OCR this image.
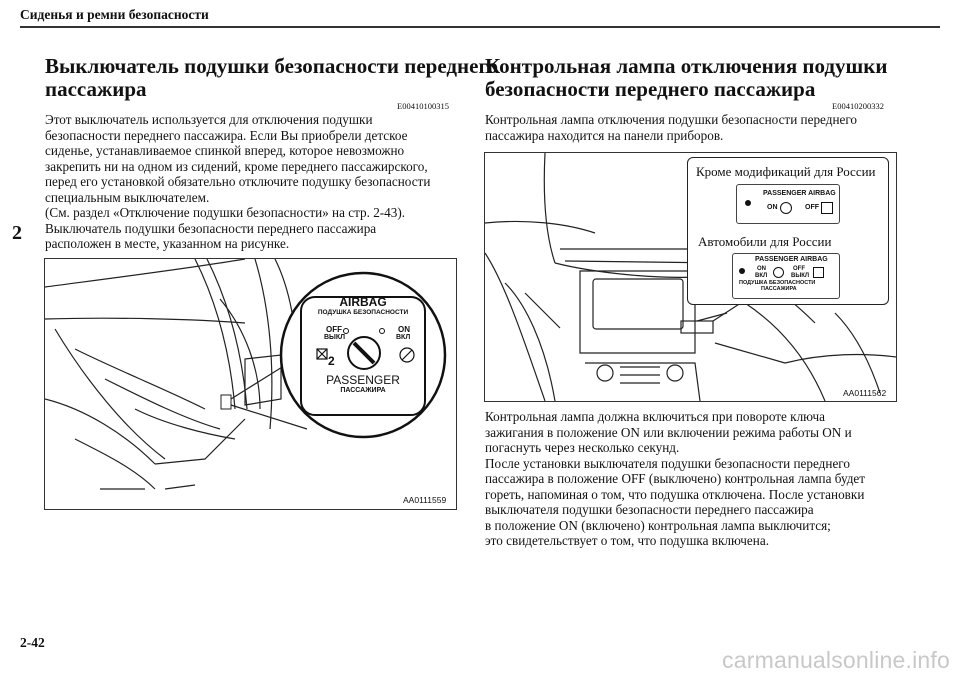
Сиденья и ремни безопасности
2
Выключатель подушки безопасности переднего
пассажира
E00410100315
Этот выключатель используется для отключения подушки
безопасности переднего пассажира. Если Вы приобрели детское
сиденье, устанавливаемое спинкой вперед, которое невозможно
закрепить ни на одном из сидений, кроме переднего пассажирского,
перед его установкой обязательно отключите подушку безопасности
специальным выключателем.
(См. раздел «Отключение подушки безопасности» на стр. 2-43).
Выключатель подушки безопасности переднего пассажира
расположен в месте, указанном на рисунке.
2
AIRBAG
ПОДУШКА БЕЗОПАСНОСТИ
OFF
ВЫКЛ
ON
ВКЛ
PASSENGER
ПАССАЖИРА
AA0111559
Контрольная лампа отключения подушки
безопасности переднего пассажира
E00410200332
Контрольная лампа отключения подушки безопасности переднего
пассажира находится на панели приборов.
Кроме модификаций для России
PASSENGER AIRBAG
ON	OFF
Автомобили для России
PASSENGER AIRBAG
ON
ВКЛ
OFF
ВЫКЛ
ПОДУШКА БЕЗОПАСНОСТИ
ПАССАЖИРА
AA0111562
Контрольная лампа должна включиться при повороте ключа
зажигания в положение ON или включении режима работы ON и
погаснуть через несколько секунд.
После установки выключателя подушки безопасности переднего
пассажира в положение OFF (выключено) контрольная лампа будет
гореть, напоминая о том, что подушка отключена. После установки
выключателя подушки безопасности переднего пассажира
в положение ON (включено) контрольная лампа выключится;
это свидетельствует о том, что подушка включена.
2-42
carmanualsonline.info
